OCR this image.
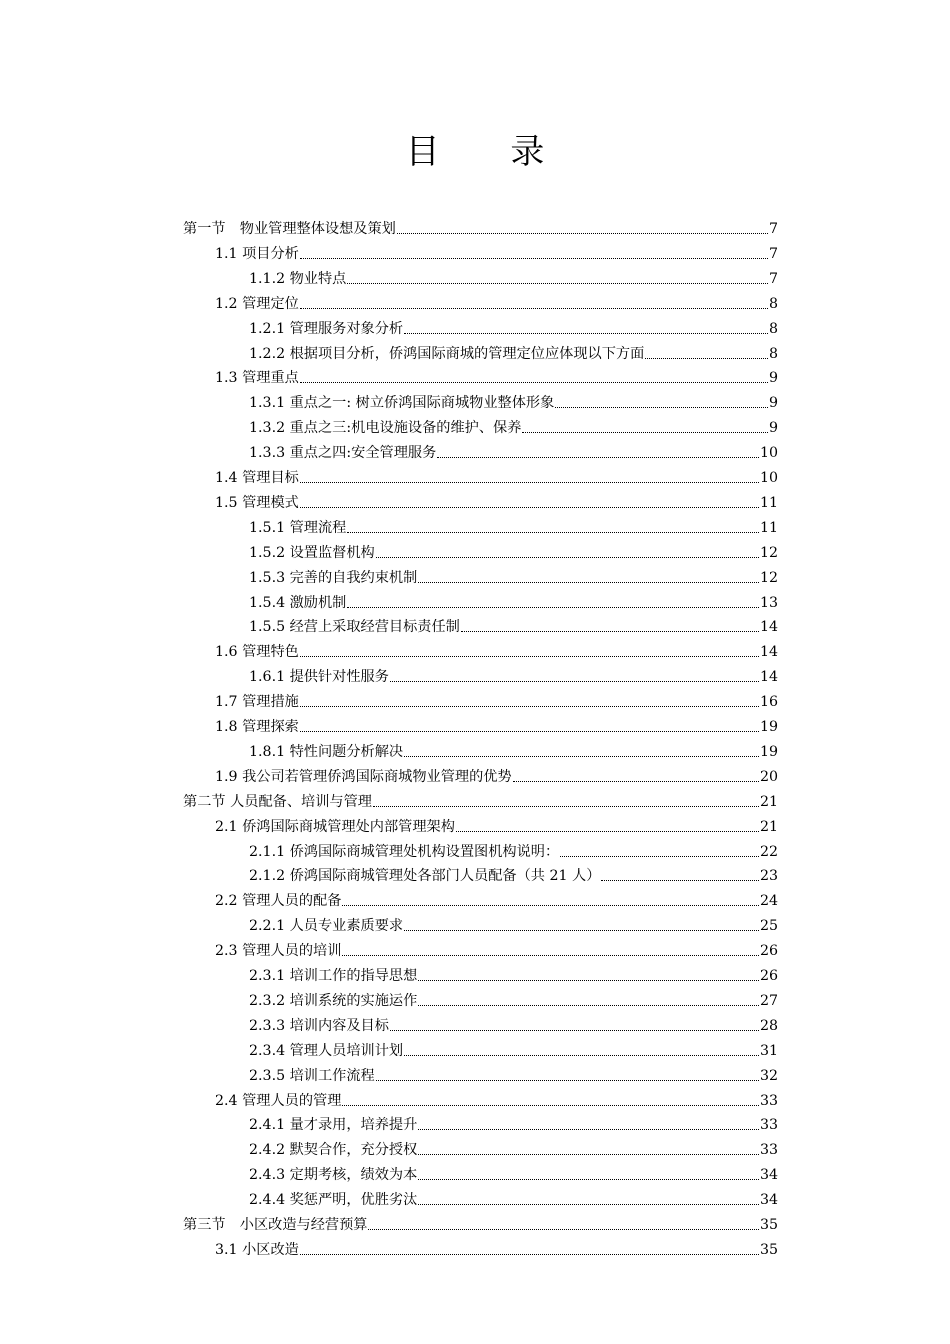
目 录
第一节　物业管理整体设想及策划	7
1.1 项目分析	7
1.1.2 物业特点	7
1.2 管理定位	8
1.2.1 管理服务对象分析	8
1.2.2 根据项目分析，侨鸿国际商城的管理定位应体现以下方面	8
1.3 管理重点	9
1.3.1 重点之一: 树立侨鸿国际商城物业整体形象	9
1.3.2 重点之三:机电设施设备的维护、保养	9
1.3.3 重点之四:安全管理服务	10
1.4 管理目标	10
1.5 管理模式	11
1.5.1 管理流程	11
1.5.2 设置监督机构	12
1.5.3 完善的自我约束机制	12
1.5.4 激励机制	13
1.5.5 经营上采取经营目标责任制	14
1.6 管理特色	14
1.6.1 提供针对性服务	14
1.7 管理措施	16
1.8 管理探索	19
1.8.1 特性问题分析解决	19
1.9 我公司若管理侨鸿国际商城物业管理的优势	20
第二节 人员配备、培训与管理	21
2.1 侨鸿国际商城管理处内部管理架构	21
2.1.1 侨鸿国际商城管理处机构设置图机构说明：	22
2.1.2 侨鸿国际商城管理处各部门人员配备（共 21 人）	23
2.2 管理人员的配备	24
2.2.1 人员专业素质要求	25
2.3 管理人员的培训	26
2.3.1 培训工作的指导思想	26
2.3.2 培训系统的实施运作	27
2.3.3 培训内容及目标	28
2.3.4 管理人员培训计划	31
2.3.5 培训工作流程	32
2.4 管理人员的管理	33
2.4.1 量才录用，培养提升	33
2.4.2 默契合作，充分授权	33
2.4.3 定期考核，绩效为本	34
2.4.4 奖惩严明，优胜劣汰	34
第三节　小区改造与经营预算	35
3.1 小区改造	35
